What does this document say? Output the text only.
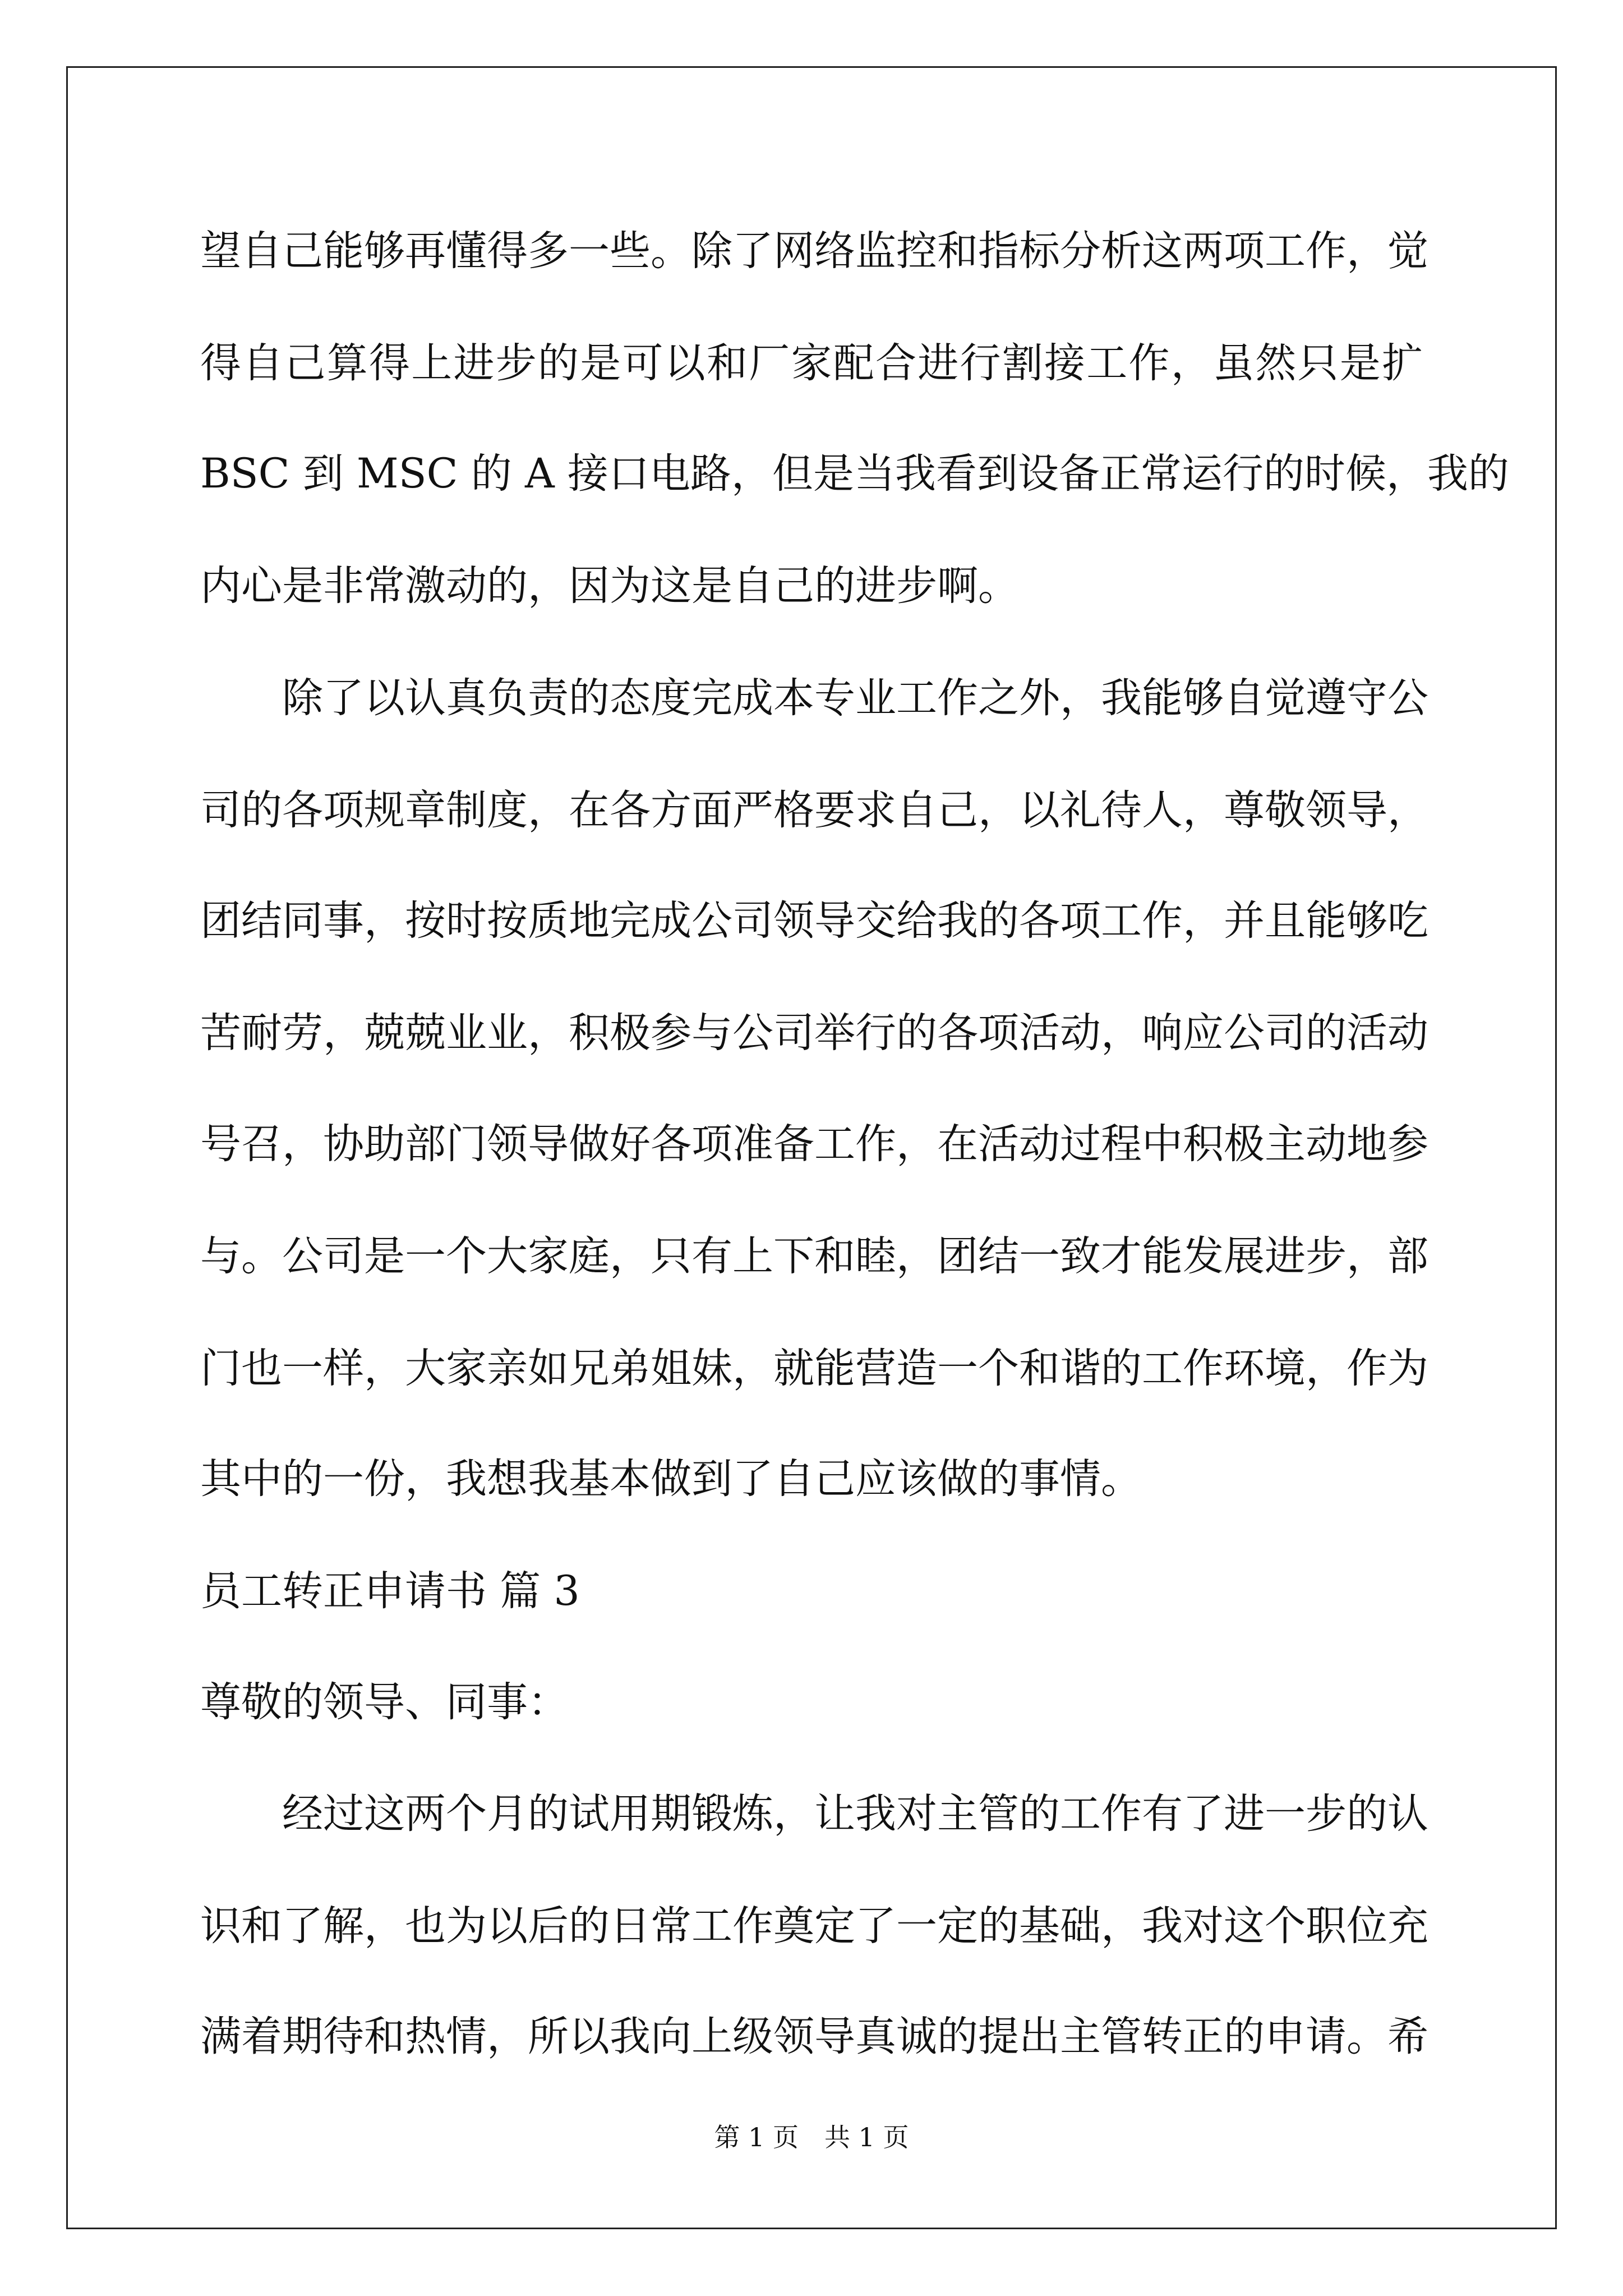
望自己能够再懂得多一些。除了网络监控和指标分析这两项工作，觉
得自己算得上进步的是可以和厂家配合进行割接工作，虽然只是扩
BSC 到 MSC 的 A 接口电路，但是当我看到设备正常运行的时候，我的
内心是非常激动的，因为这是自己的进步啊。
　　除了以认真负责的态度完成本专业工作之外，我能够自觉遵守公
司的各项规章制度，在各方面严格要求自己，以礼待人，尊敬领导，
团结同事，按时按质地完成公司领导交给我的各项工作，并且能够吃
苦耐劳，兢兢业业，积极参与公司举行的各项活动，响应公司的活动
号召，协助部门领导做好各项准备工作，在活动过程中积极主动地参
与。公司是一个大家庭，只有上下和睦，团结一致才能发展进步，部
门也一样，大家亲如兄弟姐妹，就能营造一个和谐的工作环境，作为
其中的一份，我想我基本做到了自己应该做的事情。
员工转正申请书 篇 3
尊敬的领导、同事：
　　经过这两个月的试用期锻炼，让我对主管的工作有了进一步的认
识和了解，也为以后的日常工作奠定了一定的基础，我对这个职位充
满着期待和热情，所以我向上级领导真诚的提出主管转正的申请。希
第 1 页　共 1 页
